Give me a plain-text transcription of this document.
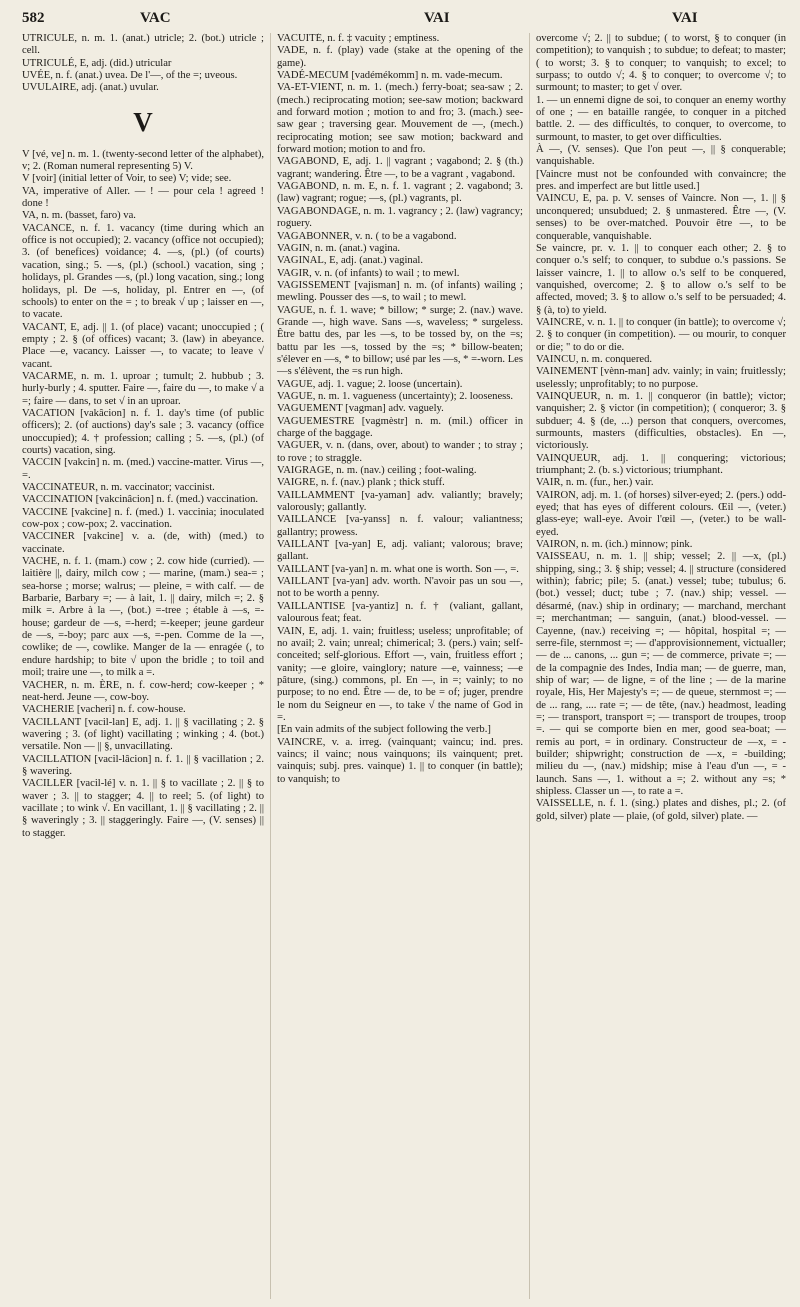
582	VAC	VAI	VAI

UTRICULE, n. m. 1. (anat.) utricle; 2. (bot.) utricle ; cell.

UTRICULÉ, E, adj. (did.) utricular

UVÉE, n. f. (anat.) uvea. De l'—, of the =; uveous.

UVULAIRE, adj. (anat.) uvular.

V

V [vé, ve] n. m. 1. (twenty-second letter of the alphabet), v; 2. (Roman numeral representing 5) V.

V [voir] (initial letter of Voir, to see) V; vide; see.

VA, imperative of Aller. — ! — pour cela ! agreed ! done !

VA, n. m. (basset, faro) va.

VACANCE, n. f. 1. vacancy (time during which an office is not occupied); 2. vacancy (office not occupied); 3. (of benefices) voidance; 4. —s, (pl.) (of courts) vacation, sing.; 5. —s, (pl.) (school.) vacation, sing ; holidays, pl. Grandes —s, (pl.) long vacation, sing.; long holidays, pl. De —s, holiday, pl. Entrer en —, (of schools) to enter on the = ; to break √ up ; laisser en —, to vacate.

VACANT, E, adj. || 1. (of place) vacant; unoccupied ; ( empty ; 2. § (of offices) vacant; 3. (law) in abeyance. Place —e, vacancy. Laisser —, to vacate; to leave √ vacant.

VACARME, n. m. 1. uproar ; tumult; 2. hubbub ; 3. hurly-burly ; 4. sputter. Faire —, faire du —, to make √ a =; faire — dans, to set √ in an uproar.

VACATION [vakâcion] n. f. 1. day's time (of public officers); 2. (of auctions) day's sale ; 3. vacancy (office unoccupied); 4. † profession; calling ; 5. —s, (pl.) (of courts) vacation, sing.

VACCIN [vakcin] n. m. (med.) vaccine-matter. Virus —, =.

VACCINATEUR, n. m. vaccinator; vaccinist.

VACCINATION [vakcinâcion] n. f. (med.) vaccination.

VACCINE [vakcine] n. f. (med.) 1. vaccinia; inoculated cow-pox ; cow-pox; 2. vaccination.

VACCINER [vakcine] v. a. (de, with) (med.) to vaccinate.

VACHE, n. f. 1. (mam.) cow ; 2. cow hide (curried). — laitière ||, dairy, milch cow ; — marine, (mam.) sea-= ; sea-horse ; morse; walrus; — pleine, = with calf. — de Barbarie, Barbary =; — à lait, 1. || dairy, milch =; 2. § milk =. Arbre à la —, (bot.) =-tree ; étable à —s, =-house; gardeur de —s, =-herd; =-keeper; jeune gardeur de —s, =-boy; parc aux —s, =-pen. Comme de la —, cowlike; de —, cowlike. Manger de la — enragée (, to endure hardship; to bite √ upon the bridle ; to toil and moil; traire une —, to milk a =.

VACHER, n. m. ÈRE, n. f. cow-herd; cow-keeper ; * neat-herd. Jeune —, cow-boy.

VACHERIE [vacheri] n. f. cow-house.

VACILLANT [vacil-lan] E, adj. 1. || § vacillating ; 2. § wavering ; 3. (of light) vacillating ; winking ; 4. (bot.) versatile. Non — || §, unvacillating.

VACILLATION [vacil-lâcion] n. f. 1. || § vacillation ; 2. § wavering.

VACILLER [vacil-lé] v. n. 1. || § to vacillate ; 2. || § to waver ; 3. || to stagger; 4. || to reel; 5. (of light) to vacillate ; to wink √. En vacillant, 1. || § vacillating ; 2. || § waveringly ; 3. || staggeringly. Faire —, (V. senses) || to stagger.

VACUITÉ, n. f. ‡ vacuity ; emptiness.

VADE, n. f. (play) vade (stake at the opening of the game).

VADÉ-MECUM [vadémékomm] n. m. vade-mecum.

VA-ET-VIENT, n. m. 1. (mech.) ferry-boat; sea-saw ; 2. (mech.) reciprocating motion; see-saw motion; backward and forward motion ; motion to and fro; 3. (mach.) see-saw gear ; traversing gear. Mouvement de —, (mech.) reciprocating motion; see saw motion; backward and forward motion; motion to and fro.

VAGABOND, E, adj. 1. || vagrant ; vagabond; 2. § (th.) vagrant; wandering. Être —, to be a vagrant , vagabond.

VAGABOND, n. m. E, n. f. 1. vagrant ; 2. vagabond; 3. (law) vagrant; rogue; —s, (pl.) vagrants, pl.

VAGABONDAGE, n. m. 1. vagrancy ; 2. (law) vagrancy; roguery.

VAGABONNER, v. n. ( to be a vagabond.

VAGIN, n. m. (anat.) vagina.

VAGINAL, E, adj. (anat.) vaginal.

VAGIR, v. n. (of infants) to wail ; to mewl.

VAGISSEMENT [vajisman] n. m. (of infants) wailing ; mewling. Pousser des —s, to wail ; to mewl.

VAGUE, n. f. 1. wave; * billow; * surge; 2. (nav.) wave. Grande —, high wave. Sans —s, waveless; * surgeless. Être battu des, par les —s, to be tossed by, on the =s; battu par les —s, tossed by the =s; * billow-beaten; s'élever en —s, * to billow; usé par les —s, * =-worn. Les —s s'élèvent, the =s run high.

VAGUE, adj. 1. vague; 2. loose (uncertain).

VAGUE, n. m. 1. vagueness (uncertainty); 2. looseness.

VAGUEMENT [vagman] adv. vaguely.

VAGUEMESTRE [vagmèstr] n. m. (mil.) officer in charge of the baggage.

VAGUER, v. n. (dans, over, about) to wander ; to stray ; to rove ; to straggle.

VAIGRAGE, n. m. (nav.) ceiling ; foot-waling.

VAIGRE, n. f. (nav.) plank ; thick stuff.

VAILLAMMENT [va-yaman] adv. valiantly; bravely; valorously; gallantly.

VAILLANCE [va-yanss] n. f. valour; valiantness; gallantry; prowess.

VAILLANT [va-yan] E, adj. valiant; valorous; brave; gallant.

VAILLANT [va-yan] n. m. what one is worth. Son —, =.

VAILLANT [va-yan] adv. worth. N'avoir pas un sou —, not to be worth a penny.

VAILLANTISE [va-yantiz] n. f. † (valiant, gallant, valourous feat; feat.

VAIN, E, adj. 1. vain; fruitless; useless; unprofitable; of no avail; 2. vain; unreal; chimerical; 3. (pers.) vain; self-conceited; self-glorious. Effort —, vain, fruitless effort ; vanity; —e gloire, vainglory; nature —e, vainness; —e pâture, (sing.) commons, pl. En —, in =; vainly; to no purpose; to no end. Être — de, to be = of; juger, prendre le nom du Seigneur en —, to take √ the name of God in =.

[En vain admits of the subject following the verb.]

VAINCRE, v. a. irreg. (vainquant; vaincu; ind. pres. vaincs; il vainc; nous vainquons; ils vainquent; pret. vainquis; subj. pres. vainque) 1. || to conquer (in battle); to vanquish; to

overcome √; 2. || to subdue; ( to worst, § to conquer (in competition); to vanquish ; to subdue; to defeat; to master; ( to worst; 3. § to conquer; to vanquish; to excel; to surpass; to outdo √; 4. § to conquer; to overcome √; to surmount; to master; to get √ over.

1. — un ennemi digne de soi, to conquer an enemy worthy of one ; — en bataille rangée, to conquer in a pitched battle. 2. — des difficultés, to conquer, to overcome, to surmount, to master, to get over difficulties.

À —, (V. senses). Que l'on peut —, || § conquerable; vanquishable.

[Vaincre must not be confounded with convaincre; the pres. and imperfect are but little used.]

VAINCU, E, pa. p. V. senses of Vaincre. Non —, 1. || § unconquered; unsubdued; 2. § unmastered. Être —, (V. senses) to be over-matched. Pouvoir être —, to be conquerable, vanquishable.

Se vaincre, pr. v. 1. || to conquer each other; 2. § to conquer o.'s self; to conquer, to subdue o.'s passions. Se laisser vaincre, 1. || to allow o.'s self to be conquered, vanquished, overcome; 2. § to allow o.'s self to be affected, moved; 3. § to allow o.'s self to be persuaded; 4. § (à, to) to yield.

VAINCRE, v. n. 1. || to conquer (in battle); to overcome √; 2. § to conquer (in competition). — ou mourir, to conquer or die; " to do or die.

VAINCU, n. m. conquered.

VAINEMENT [vènn-man] adv. vainly; in vain; fruitlessly; uselessly; unprofitably; to no purpose.

VAINQUEUR, n. m. 1. || conqueror (in battle); victor; vanquisher; 2. § victor (in competition); ( conqueror; 3. § subduer; 4. § (de, ...) person that conquers, overcomes, surmounts, masters (difficulties, obstacles). En —, victoriously.

VAINQUEUR, adj. 1. || conquering; victorious; triumphant; 2. (b. s.) victorious; triumphant.

VAIR, n. m. (fur., her.) vair.

VAIRON, adj. m. 1. (of horses) silver-eyed; 2. (pers.) odd-eyed; that has eyes of different colours. Œil —, (veter.) glass-eye; wall-eye. Avoir l'œil —, (veter.) to be wall-eyed.

VAIRON, n. m. (ich.) minnow; pink.

VAISSEAU, n. m. 1. || ship; vessel; 2. || —x, (pl.) shipping, sing.; 3. § ship; vessel; 4. || structure (considered within); fabric; pile; 5. (anat.) vessel; tube; tubulus; 6. (bot.) vessel; duct; tube ; 7. (nav.) ship; vessel. — désarmé, (nav.) ship in ordinary; — marchand, merchant =; merchantman; — sanguin, (anat.) blood-vessel. — Cayenne, (nav.) receiving =; — hôpital, hospital =; — serre-file, sternmost =; — d'approvisionnement, victualler; — de ... canons, ... gun =; — de commerce, private =; — de la compagnie des Indes, India man; — de guerre, man, ship of war; — de ligne, = of the line ; — de la marine royale, His, Her Majesty's =; — de queue, sternmost =; — de ... rang, .... rate =; — de tête, (nav.) headmost, leading =; — transport, transport =; — transport de troupes, troop =. — qui se comporte bien en mer, good sea-boat; — remis au port, = in ordinary. Constructeur de —x, = -builder; shipwright; construction de —x, = -building; milieu du —, (nav.) midship; mise à l'eau d'un —, = -launch. Sans —, 1. without a =; 2. without any =s; * shipless. Classer un —, to rate a =.

VAISSELLE, n. f. 1. (sing.) plates and dishes, pl.; 2. (of gold, silver) plate — plaie, (of gold, silver) plate. —
